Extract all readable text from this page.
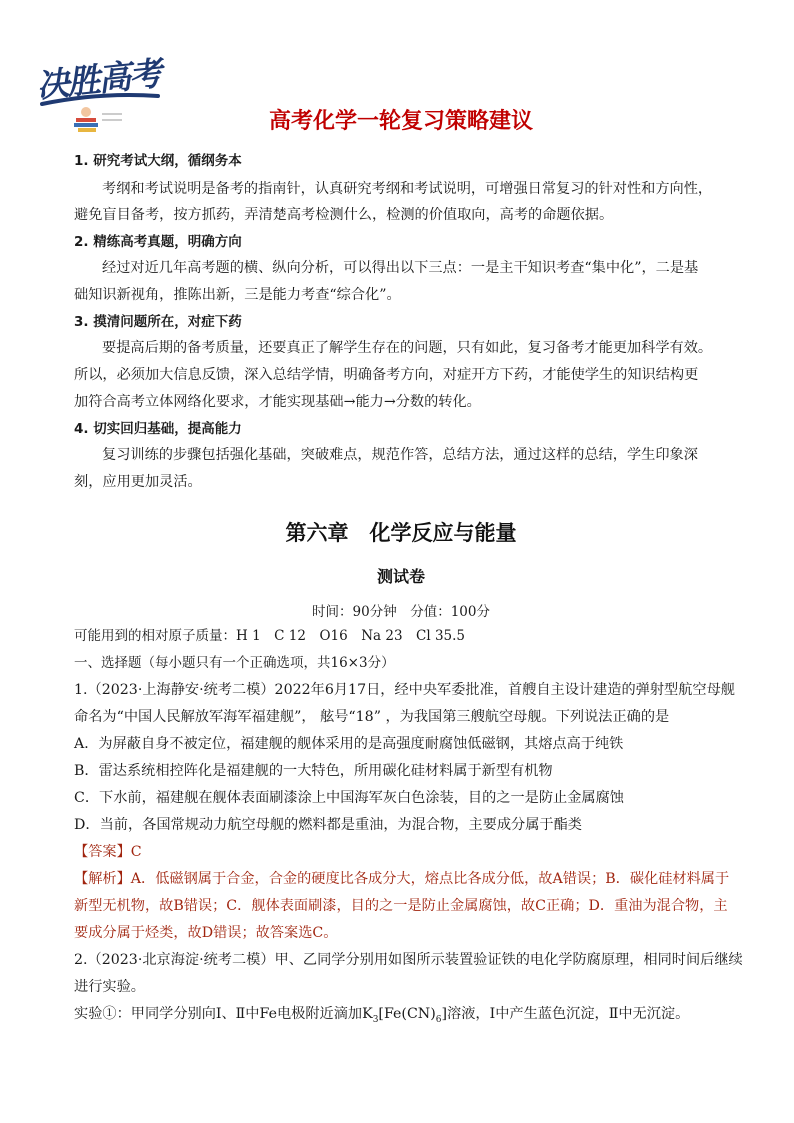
决胜高考
高考化学一轮复习策略建议
1. 研究考试大纲，循纲务本
考纲和考试说明是备考的指南针，认真研究考纲和考试说明，可增强日常复习的针对性和方向性，
避免盲目备考，按方抓药，弄清楚高考检测什么，检测的价值取向，高考的命题依据。
2. 精练高考真题，明确方向
经过对近几年高考题的横、纵向分析，可以得出以下三点：一是主干知识考查“集中化”，二是基
础知识新视角，推陈出新，三是能力考查“综合化”。
3. 摸清问题所在，对症下药
要提高后期的备考质量，还要真正了解学生存在的问题，只有如此，复习备考才能更加科学有效。
所以，必须加大信息反馈，深入总结学情，明确备考方向，对症开方下药，才能使学生的知识结构更
加符合高考立体网络化要求，才能实现基础→能力→分数的转化。
4. 切实回归基础，提高能力
复习训练的步骤包括强化基础，突破难点，规范作答，总结方法，通过这样的总结，学生印象深
刻，应用更加灵活。
第六章　化学反应与能量
测试卷
时间：90分钟　分值：100分
可能用到的相对原子质量：H 1　C 12　O16　Na 23　Cl 35.5
一、选择题（每小题只有一个正确选项，共16×3分）
1.（2023·上海静安·统考二模）2022年6月17日，经中央军委批准，首艘自主设计建造的弹射型航空母舰
命名为“中国人民解放军海军福建舰”， 舷号“18” ，为我国第三艘航空母舰。下列说法正确的是
A．为屏蔽自身不被定位，福建舰的舰体采用的是高强度耐腐蚀低磁钢，其熔点高于纯铁
B．雷达系统相控阵化是福建舰的一大特色，所用碳化硅材料属于新型有机物
C．下水前，福建舰在舰体表面刷漆涂上中国海军灰白色涂装，目的之一是防止金属腐蚀
D．当前，各国常规动力航空母舰的燃料都是重油，为混合物，主要成分属于酯类
【答案】C
【解析】A．低磁钢属于合金，合金的硬度比各成分大，熔点比各成分低，故A错误；B．碳化硅材料属于
新型无机物，故B错误；C．舰体表面刷漆，目的之一是防止金属腐蚀，故C正确；D．重油为混合物，主
要成分属于烃类，故D错误；故答案选C。
2.（2023·北京海淀·统考二模）甲、乙同学分别用如图所示装置验证铁的电化学防腐原理，相同时间后继续
进行实验。
实验①：甲同学分别向Ⅰ、Ⅱ中Fe电极附近滴加$K_3[Fe(CN)_6]$溶液，Ⅰ中产生蓝色沉淀，Ⅱ中无沉淀。
